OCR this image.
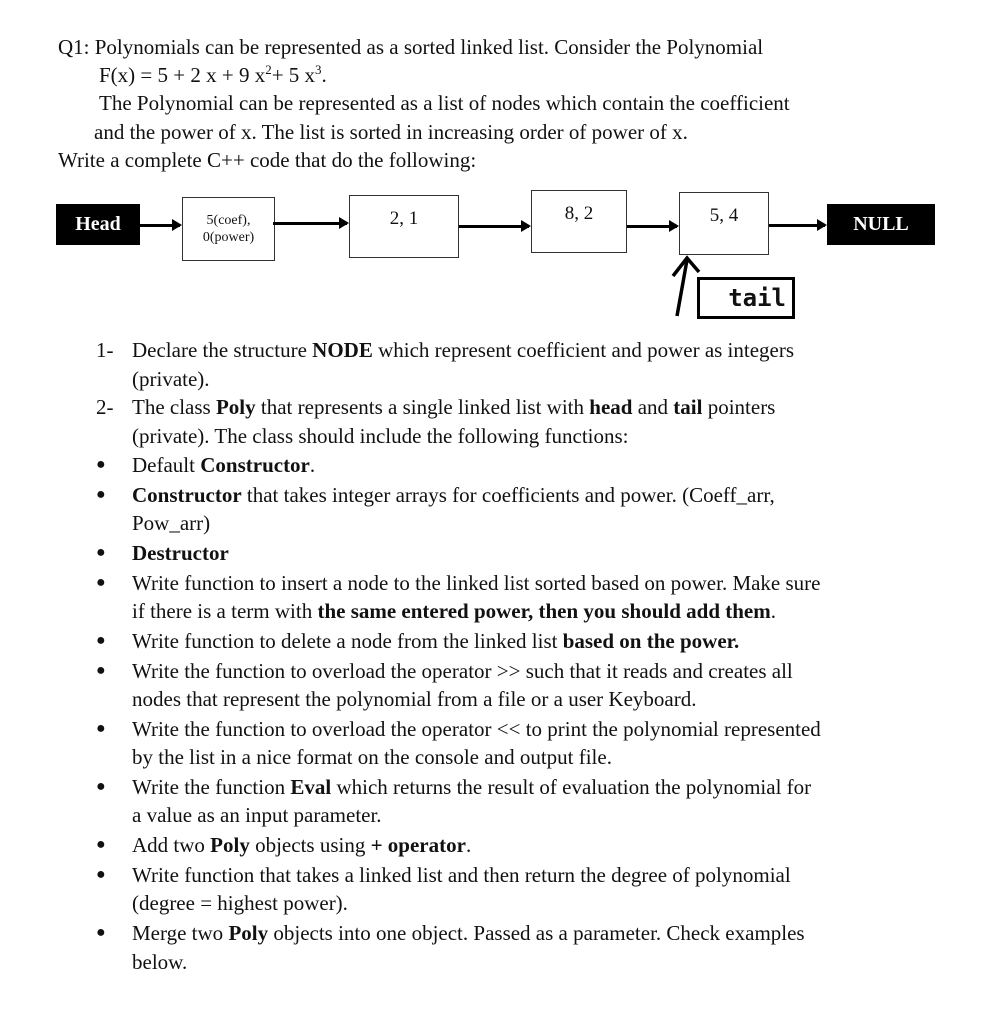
Q1: Polynomials can be represented as a sorted linked list. Consider the Polynomial
F(x) = 5 + 2 x + 9 $x^2+ 5$ $x^3$.
The Polynomial can be represented as a list of nodes which contain the coefficient
and the power of x. The list is sorted in increasing order of power of x.
Write a complete C++ code that do the following:
Head	5(coef),
0(power)
2, 1	8, 2	5, 4	NULL
tail
1- Declare the structure NODE which represent coefficient and power as integers
(private).
2- The class Poly that represents a single linked list with head and tail pointers
(private). The class should include the following functions:
● Default Constructor.
● Constructor that takes integer arrays for coefficients and power. (Coeff_arr,
Pow_arr)
● Destructor
● Write function to insert a node to the linked list sorted based on power. Make sure
if there is a term with the same entered power, then you should add them.
● Write function to delete a node from the linked list based on the power.
● Write the function to overload the operator >> such that it reads and creates all
nodes that represent the polynomial from a file or a user Keyboard.
● Write the function to overload the operator << to print the polynomial represented
by the list in a nice format on the console and output file.
● Write the function Eval which returns the result of evaluation the polynomial for
a value as an input parameter.
● Add two Poly objects using + operator.
● Write function that takes a linked list and then return the degree of polynomial
(degree = highest power).
● Merge two Poly objects into one object. Passed as a parameter. Check examples
below.
